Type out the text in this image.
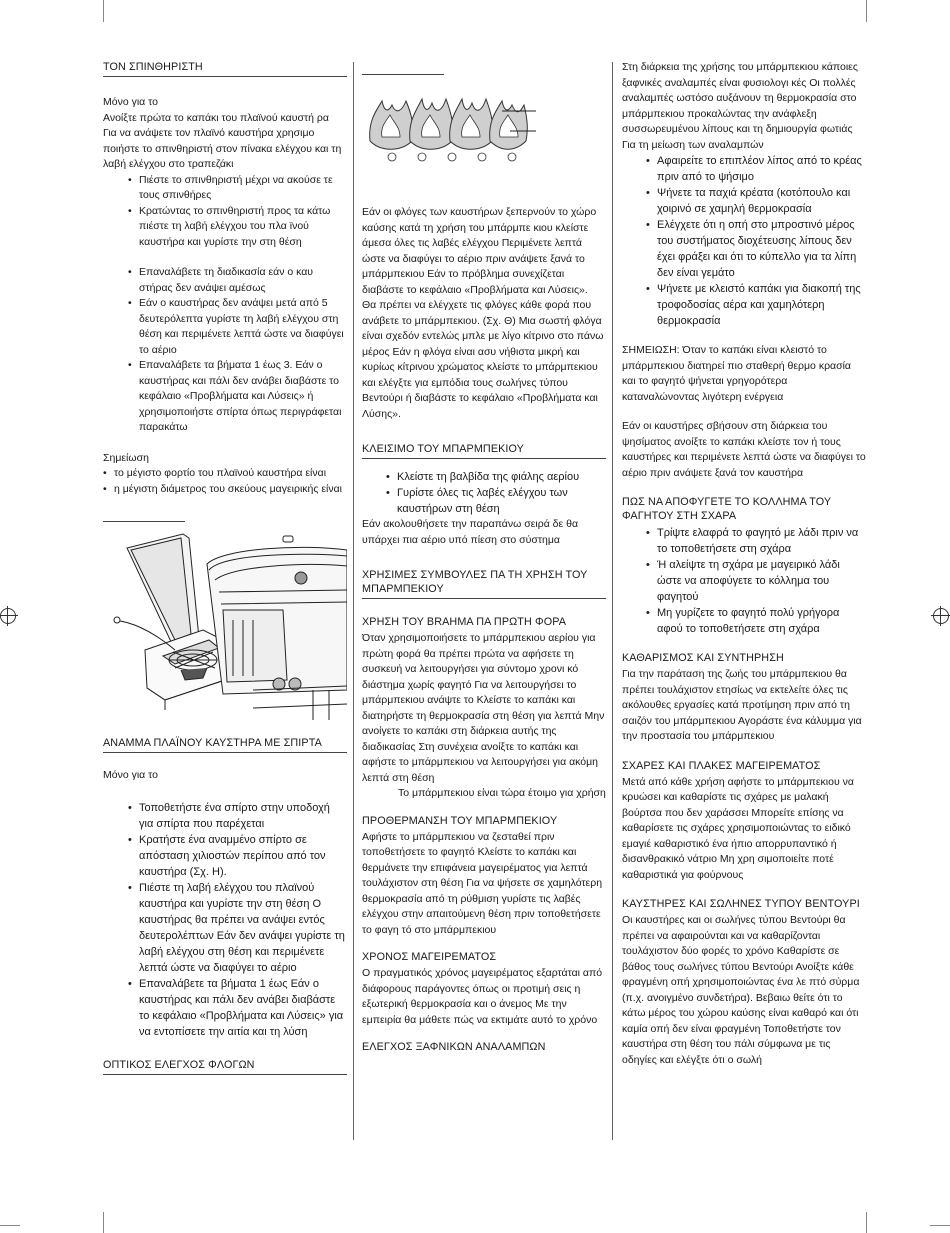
ΤΟΝ ΣΠΙΝΘΗΡΙΣΤΗ

Μόνο για το

Ανοίξτε πρώτα το καπάκι του πλαϊνού καυστή ρα

Για να ανάψετε τον πλαϊνό καυστήρα χρησιμο ποιήστε το σπινθηριστή στον πίνακα ελέγχου και τη λαβή ελέγχου στο τραπεζάκι

• Πιέστε το σπινθηριστή μέχρι να ακούσε τε τους σπινθήρες
• Κρατώντας το σπινθηριστή προς τα κάτω πιέστε τη λαβή ελέγχου του πλα ϊνού καυστήρα και γυρίστε την στη θέση
• Επαναλάβετε τη διαδικασία εάν ο καυ στήρας δεν ανάψει αμέσως
• Εάν ο καυστήρας δεν ανάψει μετά από 5 δευτερόλεπτα γυρίστε τη λαβή ελέγχου στη θέση και περιμένετε λεπτά ώστε να διαφύγει το αέριο
• Επαναλάβετε τα βήματα 1 έως 3. Εάν ο καυστήρας και πάλι δεν ανάβει διαβάστε το κεφάλαιο «Προβλήματα και Λύσεις» ή χρησιμοποιήστε σπίρτα όπως περιγράφεται παρακάτω

Σημείωση

• το μέγιστο φορτίο του πλαϊνού καυστήρα είναι
• η μέγιστη διάμετρος του σκεύους μαγειρικής είναι
ΑΝΑΜΜΑ ΠΛΑΪΝΟΥ ΚΑΥΣΤΗΡΑ ΜΕ ΣΠΙΡΤΑ

Μόνο για το

• Τοποθετήστε ένα σπίρτο στην υποδοχή για σπίρτα που παρέχεται
• Κρατήστε ένα αναμμένο σπίρτο σε απόσταση χιλιοστών περίπου από τον καυστήρα (Σχ. Η).
• Πιέστε τη λαβή ελέγχου του πλαϊνού καυστήρα και γυρίστε την στη θέση Ο καυστήρας θα πρέπει να ανάψει εντός δευτερολέπτων Εάν δεν ανάψει γυρίστε τη λαβή ελέγχου στη θέση και περιμένετε λεπτά ώστε να διαφύγει το αέριο
• Επαναλάβετε τα βήματα 1 έως Εάν ο καυστήρας και πάλι δεν ανάβει διαβάστε το κεφάλαιο «Προβλήματα και Λύσεις» για να εντοπίσετε την αιτία και τη λύση
ΟΠΤΙΚΟΣ ΕΛΕΓΧΟΣ ΦΛΟΓΩΝ

Εάν οι φλόγες των καυστήρων ξεπερνούν το χώρο καύσης κατά τη χρήση του μπάρμπε κιου κλείστε άμεσα όλες τις λαβές ελέγχου Περιμένετε λεπτά ώστε να διαφύγει το αέριο πριν ανάψετε ξανά το μπάρμπεκιου Εάν το πρόβλημα συνεχίζεται διαβάστε το κεφάλαιο «Προβλήματα και Λύσεις».

Θα πρέπει να ελέγχετε τις φλόγες κάθε φορά που ανάβετε το μπάρμπεκιου. (Σχ. Θ) Μια σωστή φλόγα είναι σχεδόν εντελώς μπλε με λίγο κίτρινο στο πάνω μέρος Εάν η φλόγα είναι ασυ νήθιστα μικρή και κυρίως κίτρινου χρώματος κλείστε το μπάρμπεκιου και ελέγξτε για εμπόδια τους σωλήνες τύπου Βεντούρι ή διαβάστε το κεφάλαιο «Προβλήματα και Λύσης».

ΚΛΕΙΣΙΜΟ ΤΟΥ ΜΠΑΡΜΠΕΚΙΟΥ
• Κλείστε τη βαλβίδα της φιάλης αερίου
• Γυρίστε όλες τις λαβές ελέγχου των καυστήρων στη θέση

Εάν ακολουθήσετε την παραπάνω σειρά δε θα υπάρχει πια αέριο υπό πίεση στο σύστημα

ΧΡΗΣΙΜΕΣ ΣΥΜΒΟΥΛΕΣ ΠΑ ΤΗ ΧΡΗΣΗ ΤΟΥ ΜΠΑΡΜΠΕΚΙΟΥ
ΧΡΗΣΗ ΤΟΥ BRAHMA ΠΑ ΠΡΩΤΗ ΦΟΡΑ

Όταν χρησιμοποιήσετε το μπάρμπεκιου αερίου για πρώτη φορά θα πρέπει πρώτα να αφήσετε τη συσκευή να λειτουργήσει για σύντομο χρονι κό διάστημα χωρίς φαγητό Για να λειτουργήσει το μπάρμπεκιου ανάψτε το Κλείστε το καπάκι και διατηρήστε τη θερμοκρασία στη θέση για λεπτά Μην ανοίγετε το καπάκι στη διάρκεια αυτής της διαδικασίας Στη συνέχεια ανοίξτε το καπάκι και αφήστε το μπάρμπεκιου να λειτουργήσει για ακόμη λεπτά στη θέση

Το μπάρμπεκιου είναι τώρα έτοιμο για χρήση

ΠΡΟΘΕΡΜΑΝΣΗ ΤΟΥ ΜΠΑΡΜΠΕΚΙΟΥ

Αφήστε το μπάρμπεκιου να ζεσταθεί πριν τοποθετήσετε το φαγητό Κλείστε το καπάκι και θερμάνετε την επιφάνεια μαγειρέματος για λεπτά τουλάχιστον στη θέση Για να ψήσετε σε χαμηλότερη θερμοκρασία από τη ρύθμιση γυρίστε τις λαβές ελέγχου στην απαιτούμενη θέση πριν τοποθετήσετε το φαγη τό στο μπάρμπεκιου

ΧΡΟΝΟΣ ΜΑΓΕΙΡΕΜΑΤΟΣ

Ο πραγματικός χρόνος μαγειρέματος εξαρτάται από διάφορους παράγοντες όπως οι προτιμή σεις η εξωτερική θερμοκρασία και ο άνεμος Με την εμπειρία θα μάθετε πώς να εκτιμάτε αυτό το χρόνο

ΕΛΕΓΧΟΣ ΞΑΦΝΙΚΩΝ ΑΝΑΛΑΜΠΩΝ

Στη διάρκεια της χρήσης του μπάρμπεκιου κάποιες ξαφνικές αναλαμπές είναι φυσιολογι κές Οι πολλές αναλαμπές ωστόσο αυξάνουν τη θερμοκρασία στο μπάρμπεκιου προκαλώντας την ανάφλεξη συσσωρευμένου λίπους και τη δημιουργία φωτιάς

Για τη μείωση των αναλαμπών

• Αφαιρείτε το επιπλέον λίπος από το κρέας πριν από το ψήσιμο
• Ψήνετε τα παχιά κρέατα (κοτόπουλο και χοιρινό σε χαμηλή θερμοκρασία
• Ελέγχετε ότι η οπή στο μπροστινό μέρος του συστήματος διοχέτευσης λίπους δεν έχει φράξει και ότι το κύπελλο για τα λίπη δεν είναι γεμάτο
• Ψήνετε με κλειστό καπάκι για διακοπή της τροφοδοσίας αέρα και χαμηλότερη θερμοκρασία

ΣΗΜΕΙΩΣΗ: Όταν το καπάκι είναι κλειστό το μπάρμπεκιου διατηρεί πιο σταθερή θερμο κρασία και το φαγητό ψήνεται γρηγορότερα καταναλώνοντας λιγότερη ενέργεια

Εάν οι καυστήρες σβήσουν στη διάρκεια του ψησίματος ανοίξτε το καπάκι κλείστε τον ή τους καυστήρες και περιμένετε λεπτά ώστε να διαφύγει το αέριο πριν ανάψετε ξανά τον καυστήρα

ΠΩΣ ΝΑ ΑΠΟΦΥΓΕΤΕ ΤΟ ΚΟΛΛΗΜΑ ΤΟΥ ΦΑΓΗΤΟΥ ΣΤΗ ΣΧΑΡΑ
• Τρίψτε ελαφρά το φαγητό με λάδι πριν να το τοποθετήσετε στη σχάρα
• Ή αλείψτε τη σχάρα με μαγειρικό λάδι ώστε να αποφύγετε το κόλλημα του φαγητού
• Μη γυρίζετε το φαγητό πολύ γρήγορα αφού το τοποθετήσετε στη σχάρα
ΚΑΘΑΡΙΣΜΟΣ ΚΑΙ ΣΥΝΤΗΡΗΣΗ

Για την παράταση της ζωής του μπάρμπεκιου θα πρέπει τουλάχιστον ετησίως να εκτελείτε όλες τις ακόλουθες εργασίες κατά προτίμηση πριν από τη σαιζόν του μπάρμπεκιου Αγοράστε ένα κάλυμμα για την προστασία του μπάρμπεκιου

ΣΧΑΡΕΣ ΚΑΙ ΠΛΑΚΕΣ ΜΑΓΕΙΡΕΜΑΤΟΣ

Μετά από κάθε χρήση αφήστε το μπάρμπεκιου να κρυώσει και καθαρίστε τις σχάρες με μαλακή βούρτσα που δεν χαράσσει Μπορείτε επίσης να καθαρίσετε τις σχάρες χρησιμοποιώντας το ειδικό εμαγιέ καθαριστικό ένα ήπιο απορρυπαντικό ή δισανθρακικό νάτριο Μη χρη σιμοποιείτε ποτέ καθαριστικά για φούρνους

ΚΑΥΣΤΗΡΕΣ ΚΑΙ ΣΩΛΗΝΕΣ ΤΥΠΟΥ ΒΕΝΤΟΥΡΙ

Οι καυστήρες και οι σωλήνες τύπου Βεντούρι θα πρέπει να αφαιρούνται και να καθαρίζονται τουλάχιστον δύο φορές το χρόνο Καθαρίστε σε βάθος τους σωλήνες τύπου Βεντούρι Ανοίξτε κάθε φραγμένη οπή χρησιμοποιώντας ένα λε πτό σύρμα (π.χ. ανοιγμένο συνδετήρα). Βεβαιω θείτε ότι το κάτω μέρος του χώρου καύσης είναι καθαρό και ότι καμία οπή δεν είναι φραγμένη Τοποθετήστε τον καυστήρα στη θέση του πάλι σύμφωνα με τις οδηγίες και ελέγξτε ότι ο σωλή
